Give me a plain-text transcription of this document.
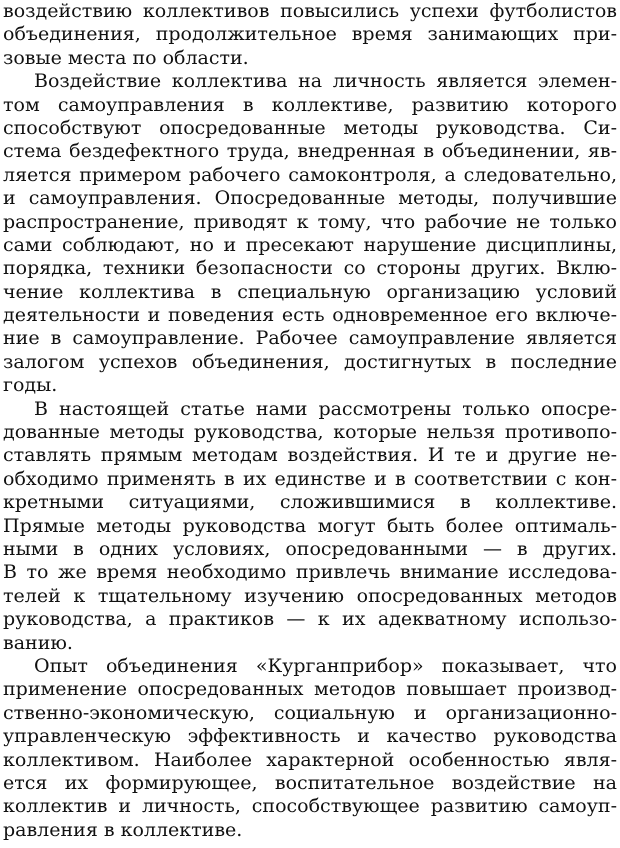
воздействию коллективов повысились успехи футболистов
объединения, продолжительное время занимающих при-
зовые места по области.
Воздействие коллектива на личность является элемен-
том самоуправления в коллективе, развитию которого
способствуют опосредованные методы руководства. Си-
стема бездефектного труда, внедренная в объединении, яв-
ляется примером рабочего самоконтроля, а следовательно,
и самоуправления. Опосредованные методы, получившие
распространение, приводят к тому, что рабочие не только
сами соблюдают, но и пресекают нарушение дисциплины,
порядка, техники безопасности со стороны других. Вклю-
чение коллектива в специальную организацию условий
деятельности и поведения есть одновременное его включе-
ние в самоуправление. Рабочее самоуправление является
залогом успехов объединения, достигнутых в последние
годы.
В настоящей статье нами рассмотрены только опосре-
дованные методы руководства, которые нельзя противопо-
ставлять прямым методам воздействия. И те и другие не-
обходимо применять в их единстве и в соответствии с кон-
кретными ситуациями, сложившимися в коллективе.
Прямые методы руководства могут быть более оптималь-
ными в одних условиях, опосредованными — в других.
В то же время необходимо привлечь внимание исследова-
телей к тщательному изучению опосредованных методов
руководства, а практиков — к их адекватному использо-
ванию.
Опыт объединения «Курганприбор» показывает, что
применение опосредованных методов повышает производ-
ственно-экономическую, социальную и организационно-
управленческую эффективность и качество руководства
коллективом. Наиболее характерной особенностью явля-
ется их формирующее, воспитательное воздействие на
коллектив и личность, способствующее развитию самоуп-
равления в коллективе.
